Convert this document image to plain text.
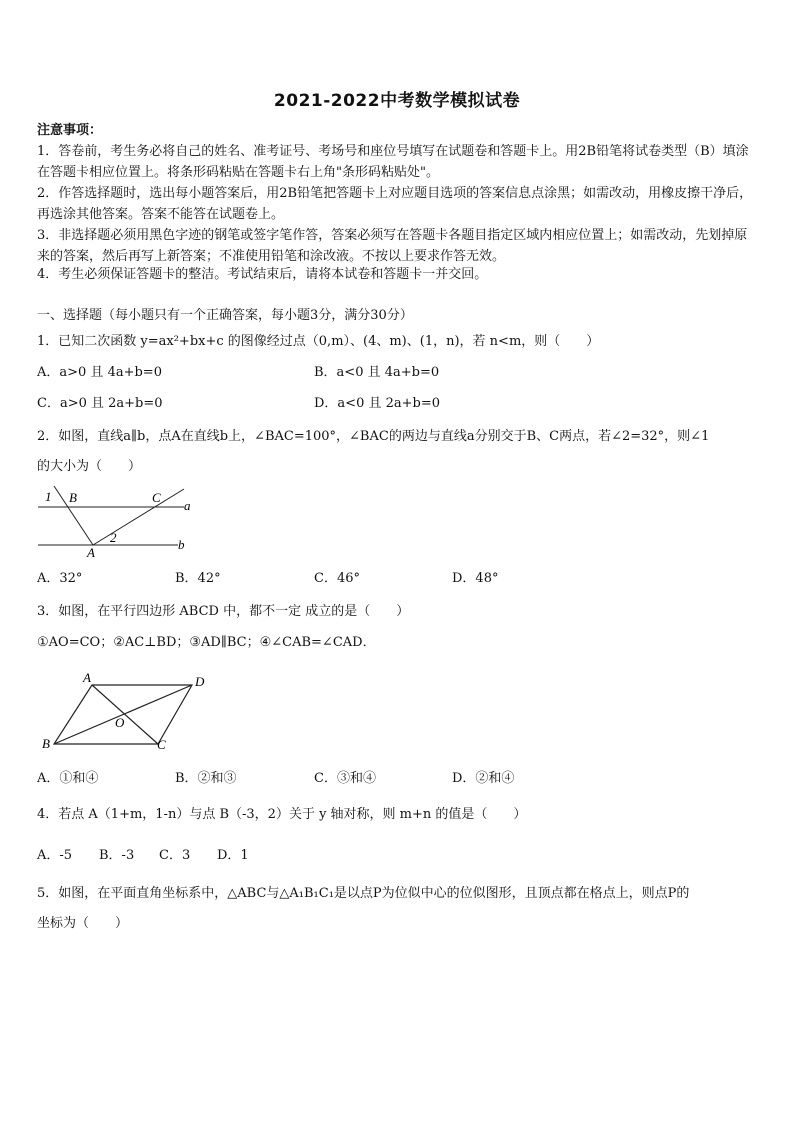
2021-2022中考数学模拟试卷
注意事项：
1．答卷前，考生务必将自己的姓名、准考证号、考场号和座位号填写在试题卷和答题卡上。用2B铅笔将试卷类型（B）填涂在答题卡相应位置上。将条形码粘贴在答题卡右上角"条形码粘贴处"。
2．作答选择题时，选出每小题答案后，用2B铅笔把答题卡上对应题目选项的答案信息点涂黑；如需改动，用橡皮擦干净后，再选涂其他答案。答案不能答在试题卷上。
3．非选择题必须用黑色字迹的钢笔或签字笔作答，答案必须写在答题卡各题目指定区域内相应位置上；如需改动，先划掉原来的答案，然后再写上新答案；不准使用铅笔和涂改液。不按以上要求作答无效。
4．考生必须保证答题卡的整洁。考试结束后，请将本试卷和答题卡一并交回。
一、选择题（每小题只有一个正确答案，每小题3分，满分30分）
1．已知二次函数 y=ax²+bx+c 的图像经过点（0,m）、(4、m)、(1，n)，若 n<m，则（　　）
A．a>0 且 4a+b=0	B．a<0 且 4a+b=0
C．a>0 且 2a+b=0	D．a<0 且 2a+b=0
2．如图，直线a∥b，点A在直线b上，∠BAC=100°，∠BAC的两边与直线a分别交于B、C两点，若∠2=32°，则∠1
的大小为（　　）
1 B	C
a
2
A
b
A．32°	B．42°	C．46°	D．48°
3．如图，在平行四边形 ABCD 中，都不一定 成立的是（　　）
①AO=CO；②AC⊥BD；③AD∥BC；④∠CAB=∠CAD．
A	D
O
B	C
A．①和④	B．②和③	C．③和④	D．②和④
4．若点 A（1+m，1-n）与点 B（-3，2）关于 y 轴对称，则 m+n 的值是（　　）
A．-5 B．-3 C．3 D．1
5．如图，在平面直角坐标系中，△ABC与△A₁B₁C₁是以点P为位似中心的位似图形，且顶点都在格点上，则点P的
坐标为（　　）
